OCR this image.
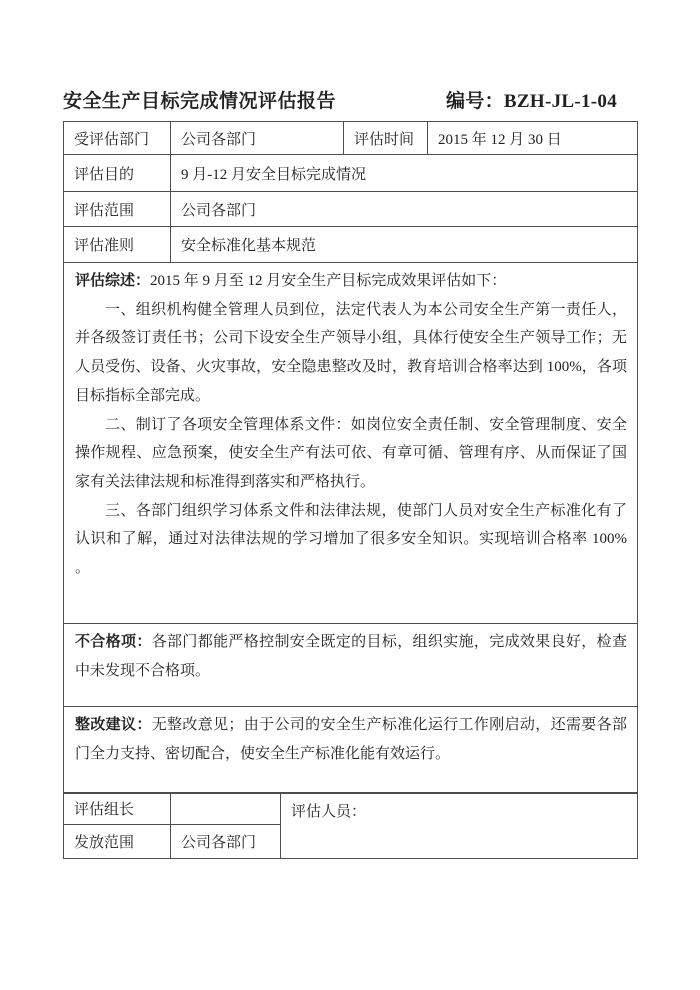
安全生产目标完成情况评估报告	编号：BZH-JL-1-04
受评估部门	公司各部门	评估时间	2015 年 12 月 30 日
评估目的	9 月-12 月安全目标完成情况		
评估范围	公司各部门		
评估准则	安全标准化基本规范		

评估综述：2015 年 9 月至 12 月安全生产目标完成效果评估如下：

一、组织机构健全管理人员到位，法定代表人为本公司安全生产第一责任人，并各级签订责任书；公司下设安全生产领导小组，具体行使安全生产领导工作；无人员受伤、设备、火灾事故，安全隐患整改及时，教育培训合格率达到 100%，各项目标指标全部完成。

二、制订了各项安全管理体系文件：如岗位安全责任制、安全管理制度、安全操作规程、应急预案，使安全生产有法可依、有章可循、管理有序、从而保证了国家有关法律法规和标准得到落实和严格执行。

三、各部门组织学习体系文件和法律法规，使部门人员对安全生产标准化有了认识和了解，通过对法律法规的学习增加了很多安全知识。实现培训合格率 100% 。			

不合格项：各部门都能严格控制安全既定的目标，组织实施，完成效果良好，检查中未发现不合格项。			

整改建议：无整改意见；由于公司的安全生产标准化运行工作刚启动，还需要各部门全力支持、密切配合，使安全生产标准化能有效运行。			

评估组长		评估人员：
发放范围	公司各部门	
